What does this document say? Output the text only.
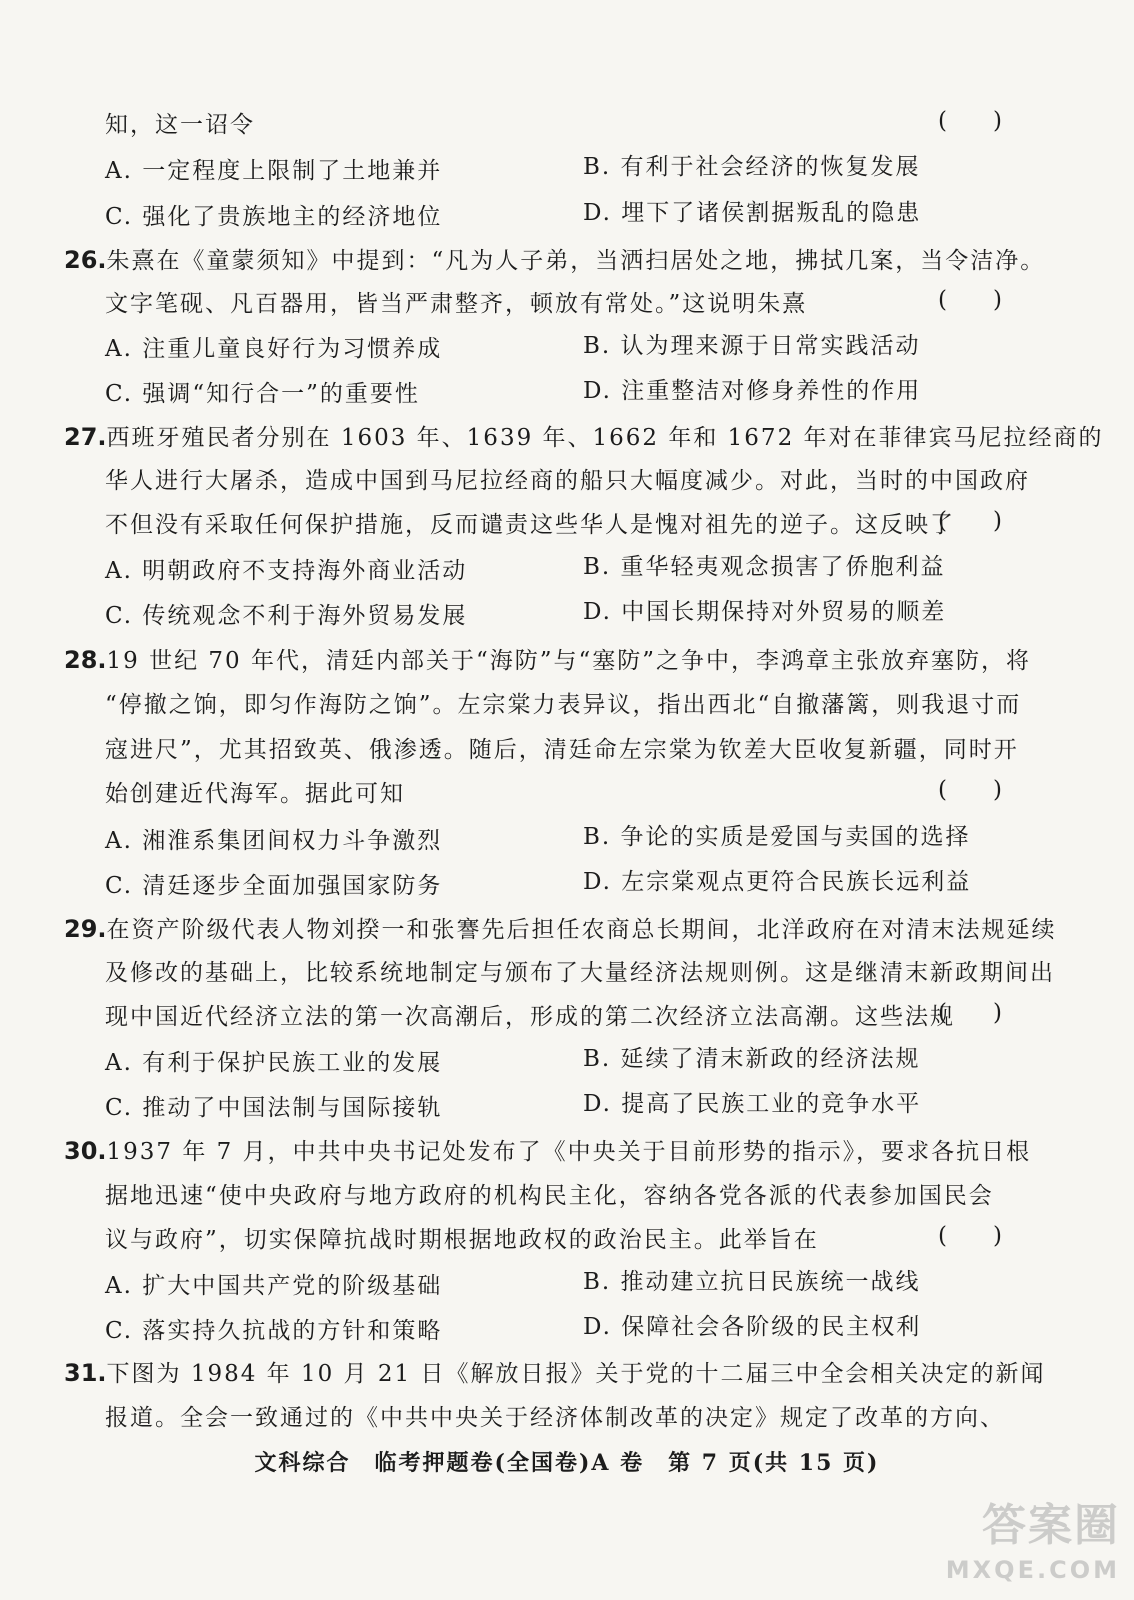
知，这一诏令	(　　)
A. 一定程度上限制了土地兼并	B. 有利于社会经济的恢复发展
C. 强化了贵族地主的经济地位	D. 埋下了诸侯割据叛乱的隐患
26.朱熹在《童蒙须知》中提到：“凡为人子弟，当洒扫居处之地，拂拭几案，当令洁净。
文字笔砚、凡百器用，皆当严肃整齐，顿放有常处。”这说明朱熹	(　　)
A. 注重儿童良好行为习惯养成	B. 认为理来源于日常实践活动
C. 强调“知行合一”的重要性	D. 注重整洁对修身养性的作用
27.西班牙殖民者分别在 1603 年、1639 年、1662 年和 1672 年对在菲律宾马尼拉经商的
华人进行大屠杀，造成中国到马尼拉经商的船只大幅度减少。对此，当时的中国政府
不但没有采取任何保护措施，反而谴责这些华人是愧对祖先的逆子。这反映了
(　　)
A. 明朝政府不支持海外商业活动	B. 重华轻夷观念损害了侨胞利益
C. 传统观念不利于海外贸易发展	D. 中国长期保持对外贸易的顺差
28.19 世纪 70 年代，清廷内部关于“海防”与“塞防”之争中，李鸿章主张放弃塞防，将
“停撤之饷，即匀作海防之饷”。左宗棠力表异议，指出西北“自撤藩篱，则我退寸而
寇进尺”，尤其招致英、俄渗透。随后，清廷命左宗棠为钦差大臣收复新疆，同时开
始创建近代海军。据此可知	(　　)
A. 湘淮系集团间权力斗争激烈	B. 争论的实质是爱国与卖国的选择
C. 清廷逐步全面加强国家防务	D. 左宗棠观点更符合民族长远利益
29.在资产阶级代表人物刘揆一和张謇先后担任农商总长期间，北洋政府在对清末法规延续
及修改的基础上，比较系统地制定与颁布了大量经济法规则例。这是继清末新政期间出
现中国近代经济立法的第一次高潮后，形成的第二次经济立法高潮。这些法规
(　　)
A. 有利于保护民族工业的发展	B. 延续了清末新政的经济法规
C. 推动了中国法制与国际接轨	D. 提高了民族工业的竞争水平
30.1937 年 7 月，中共中央书记处发布了《中央关于目前形势的指示》，要求各抗日根
据地迅速“使中央政府与地方政府的机构民主化，容纳各党各派的代表参加国民会
议与政府”，切实保障抗战时期根据地政权的政治民主。此举旨在	(　　)
A. 扩大中国共产党的阶级基础	B. 推动建立抗日民族统一战线
C. 落实持久抗战的方针和策略	D. 保障社会各阶级的民主权利
31.下图为 1984 年 10 月 21 日《解放日报》关于党的十二届三中全会相关决定的新闻
报道。全会一致通过的《中共中央关于经济体制改革的决定》规定了改革的方向、
文科综合　临考押题卷(全国卷)A 卷　第 7 页(共 15 页)
答案圈
MXQE.COM
